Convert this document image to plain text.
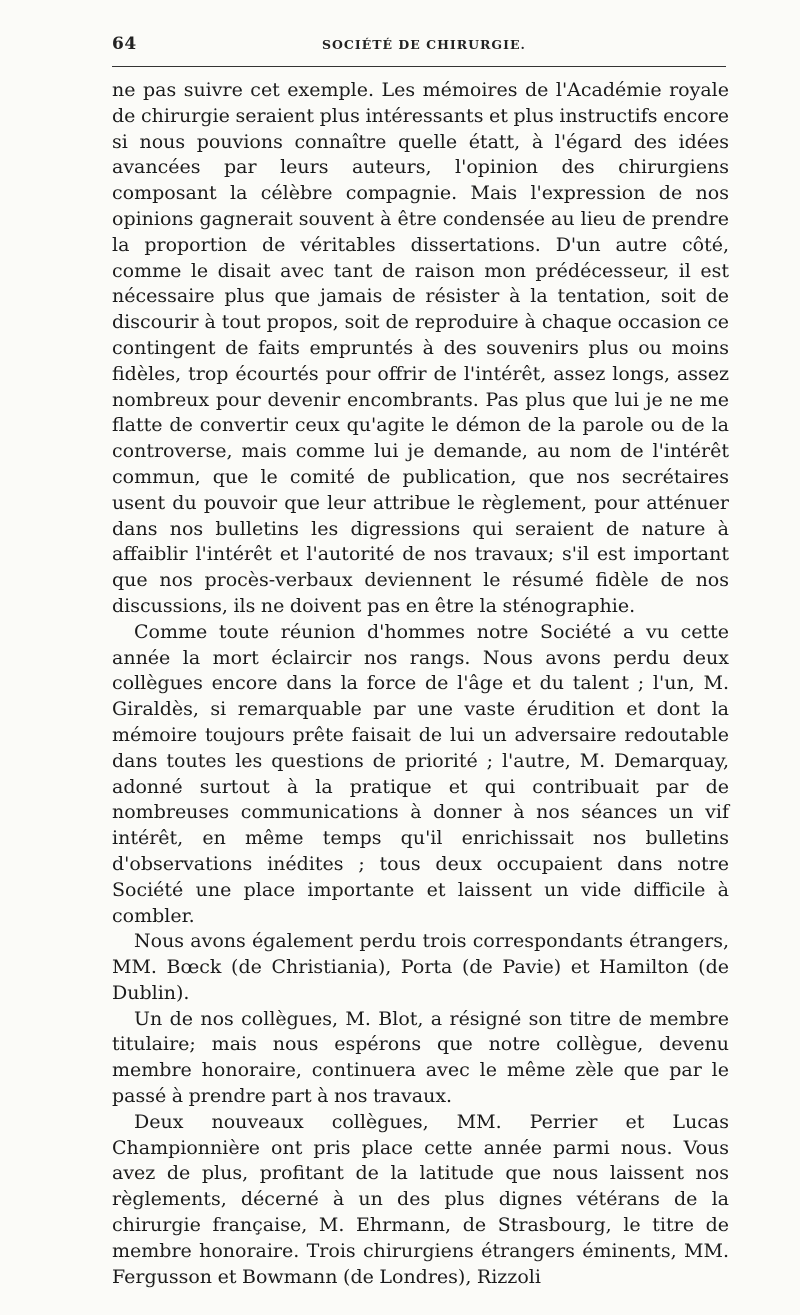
64	SOCIÉTÉ DE CHIRURGIE.

ne pas suivre cet exemple. Les mémoires de l'Académie royale de chirurgie seraient plus intéressants et plus instructifs encore si nous pouvions connaître quelle étatt, à l'égard des idées avancées par leurs auteurs, l'opinion des chirurgiens composant la célèbre compagnie. Mais l'expression de nos opinions gagnerait souvent à être condensée au lieu de prendre la proportion de véritables dissertations. D'un autre côté, comme le disait avec tant de raison mon prédécesseur, il est nécessaire plus que jamais de résister à la tentation, soit de discourir à tout propos, soit de reproduire à chaque occasion ce contingent de faits empruntés à des souvenirs plus ou moins fidèles, trop écourtés pour offrir de l'intérêt, assez longs, assez nombreux pour devenir encombrants. Pas plus que lui je ne me flatte de convertir ceux qu'agite le démon de la parole ou de la controverse, mais comme lui je demande, au nom de l'intérêt commun, que le comité de publication, que nos secrétaires usent du pouvoir que leur attribue le règlement, pour atténuer dans nos bulletins les digressions qui seraient de nature à affaiblir l'intérêt et l'autorité de nos travaux; s'il est important que nos procès-verbaux deviennent le résumé fidèle de nos discussions, ils ne doivent pas en être la sténographie.

Comme toute réunion d'hommes notre Société a vu cette année la mort éclaircir nos rangs. Nous avons perdu deux collègues encore dans la force de l'âge et du talent ; l'un, M. Giraldès, si remarquable par une vaste érudition et dont la mémoire toujours prête faisait de lui un adversaire redoutable dans toutes les questions de priorité ; l'autre, M. Demarquay, adonné surtout à la pratique et qui contribuait par de nombreuses communications à donner à nos séances un vif intérêt, en même temps qu'il enrichissait nos bulletins d'observations inédites ; tous deux occupaient dans notre Société une place importante et laissent un vide difficile à combler.

Nous avons également perdu trois correspondants étrangers, MM. Bœck (de Christiania), Porta (de Pavie) et Hamilton (de Dublin).

Un de nos collègues, M. Blot, a résigné son titre de membre titulaire; mais nous espérons que notre collègue, devenu membre honoraire, continuera avec le même zèle que par le passé à prendre part à nos travaux.

Deux nouveaux collègues, MM. Perrier et Lucas Championnière ont pris place cette année parmi nous. Vous avez de plus, profitant de la latitude que nous laissent nos règlements, décerné à un des plus dignes vétérans de la chirurgie française, M. Ehrmann, de Strasbourg, le titre de membre honoraire. Trois chirurgiens étrangers éminents, MM. Fergusson et Bowmann (de Londres), Rizzoli
